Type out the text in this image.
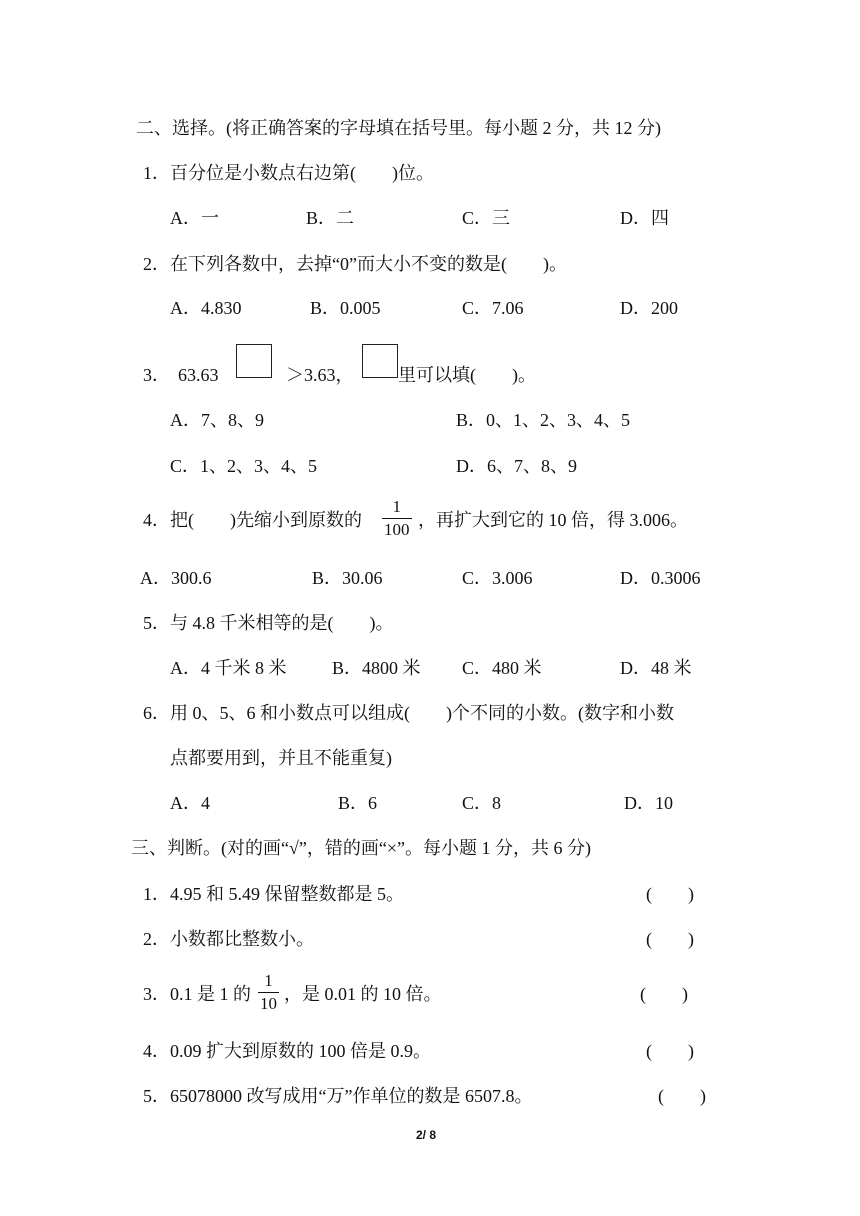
二、选择。(将正确答案的字母填在括号里。每小题 2 分，共 12 分)
1．百分位是小数点右边第(　　)位。
A．一	B．二	C．三	D．四
2．在下列各数中，去掉“0”而大小不变的数是(　　)。
A．4.830	B．0.005	C．7.06	D．200
3． 63.63	＞3.63， 里可以填(　　)。
A．7、8、9	B．0、1、2、3、4、5
C．1、2、3、4、5	D．6、7、8、9
4．把(　　)先缩小到原数的
1
100 ，再扩大到它的 10 倍，得 3.006。
A．300.6	B．30.06	C．3.006	D．0.3006
5．与 4.8 千米相等的是(　　)。
A．4 千米 8 米	B．4800 米 C．480 米	D．48 米
6．用 0、5、6 和小数点可以组成(　　)个不同的小数。(数字和小数
点都要用到，并且不能重复)
A．4	B．6	C．8	D．10
三、判断。(对的画“√”，错的画“×”。每小题 1 分，共 6 分)
1．4.95 和 5.49 保留整数都是 5。	(　　)
2．小数都比整数小。	(　　)
3．0.1 是 1 的
1
10 ，是 0.01 的 10 倍。	(　　)
4．0.09 扩大到原数的 100 倍是 0.9。	(　　)
5．65078000 改写成用“万”作单位的数是 6507.8。	(　　)
2/ 8
